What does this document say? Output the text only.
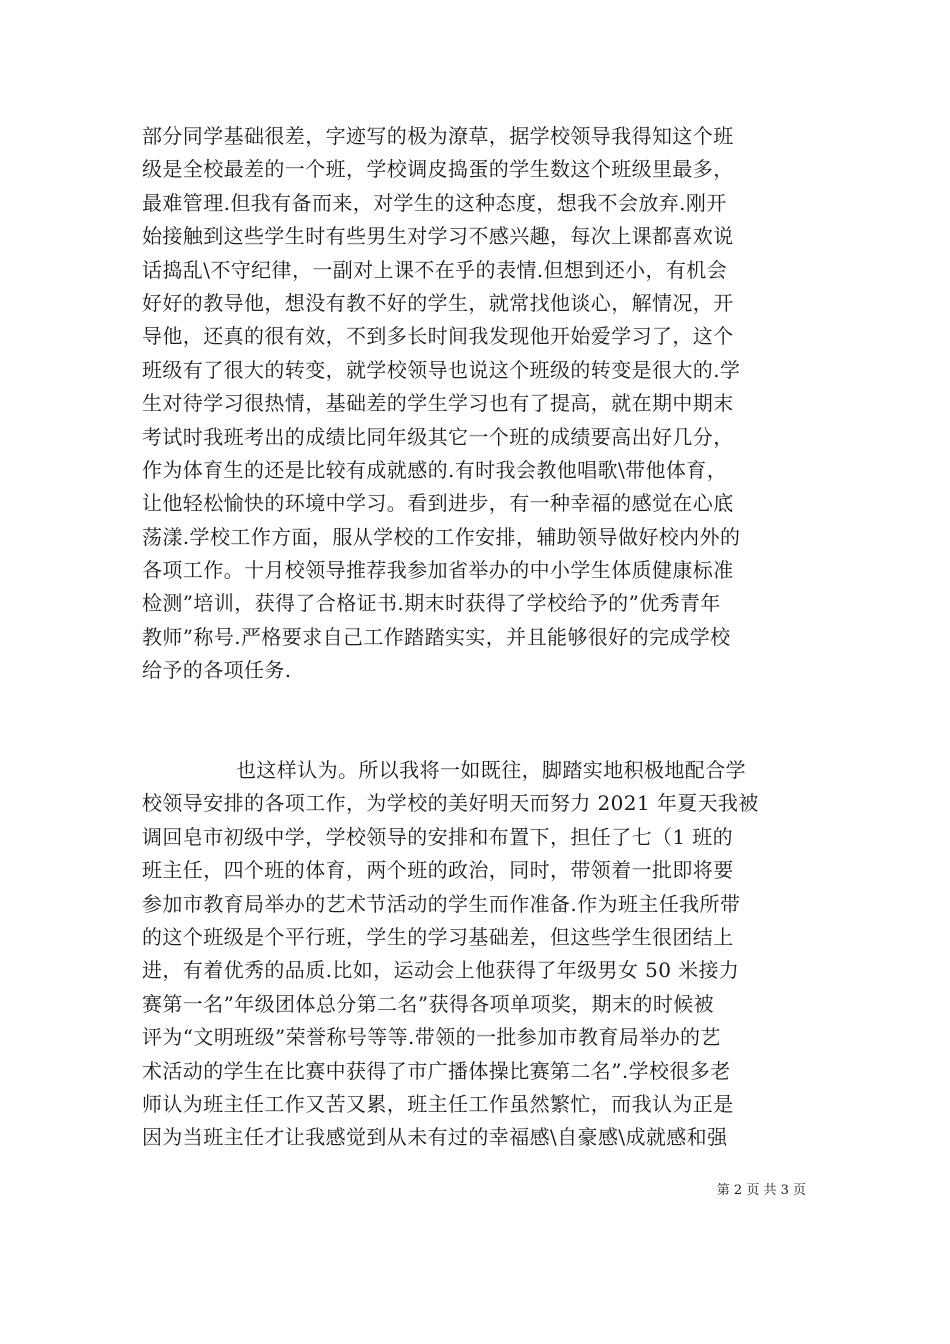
部分同学基础很差，字迹写的极为潦草，据学校领导我得知这个班
级是全校最差的一个班，学校调皮捣蛋的学生数这个班级里最多，
最难管理.但我有备而来，对学生的这种态度，想我不会放弃.刚开
始接触到这些学生时有些男生对学习不感兴趣，每次上课都喜欢说
话捣乱\不守纪律，一副对上课不在乎的表情.但想到还小，有机会
好好的教导他，想没有教不好的学生，就常找他谈心，解情况，开
导他，还真的很有效，不到多长时间我发现他开始爱学习了，这个
班级有了很大的转变，就学校领导也说这个班级的转变是很大的.学
生对待学习很热情，基础差的学生学习也有了提高，就在期中期末
考试时我班考出的成绩比同年级其它一个班的成绩要高出好几分，
作为体育生的还是比较有成就感的.有时我会教他唱歌\带他体育，
让他轻松愉快的环境中学习。看到进步，有一种幸福的感觉在心底
荡漾.学校工作方面，服从学校的工作安排，辅助领导做好校内外的
各项工作。十月校领导推荐我参加省举办的中小学生体质健康标准
检测”培训，获得了合格证书.期末时获得了学校给予的”优秀青年
教师”称号.严格要求自己工作踏踏实实，并且能够很好的完成学校
给予的各项任务.
也这样认为。所以我将一如既往，脚踏实地积极地配合学
校领导安排的各项工作，为学校的美好明天而努力 2021 年夏天我被
调回皂市初级中学，学校领导的安排和布置下，担任了七（1 班的
班主任，四个班的体育，两个班的政治，同时，带领着一批即将要
参加市教育局举办的艺术节活动的学生而作准备.作为班主任我所带
的这个班级是个平行班，学生的学习基础差，但这些学生很团结上
进，有着优秀的品质.比如，运动会上他获得了年级男女 50 米接力
赛第一名”年级团体总分第二名”获得各项单项奖，期末的时候被
评为“文明班级”荣誉称号等等.带领的一批参加市教育局举办的艺
术活动的学生在比赛中获得了市广播体操比赛第二名”.学校很多老
师认为班主任工作又苦又累，班主任工作虽然繁忙，而我认为正是
因为当班主任才让我感觉到从未有过的幸福感\自豪感\成就感和强
第 2 页 共 3 页
